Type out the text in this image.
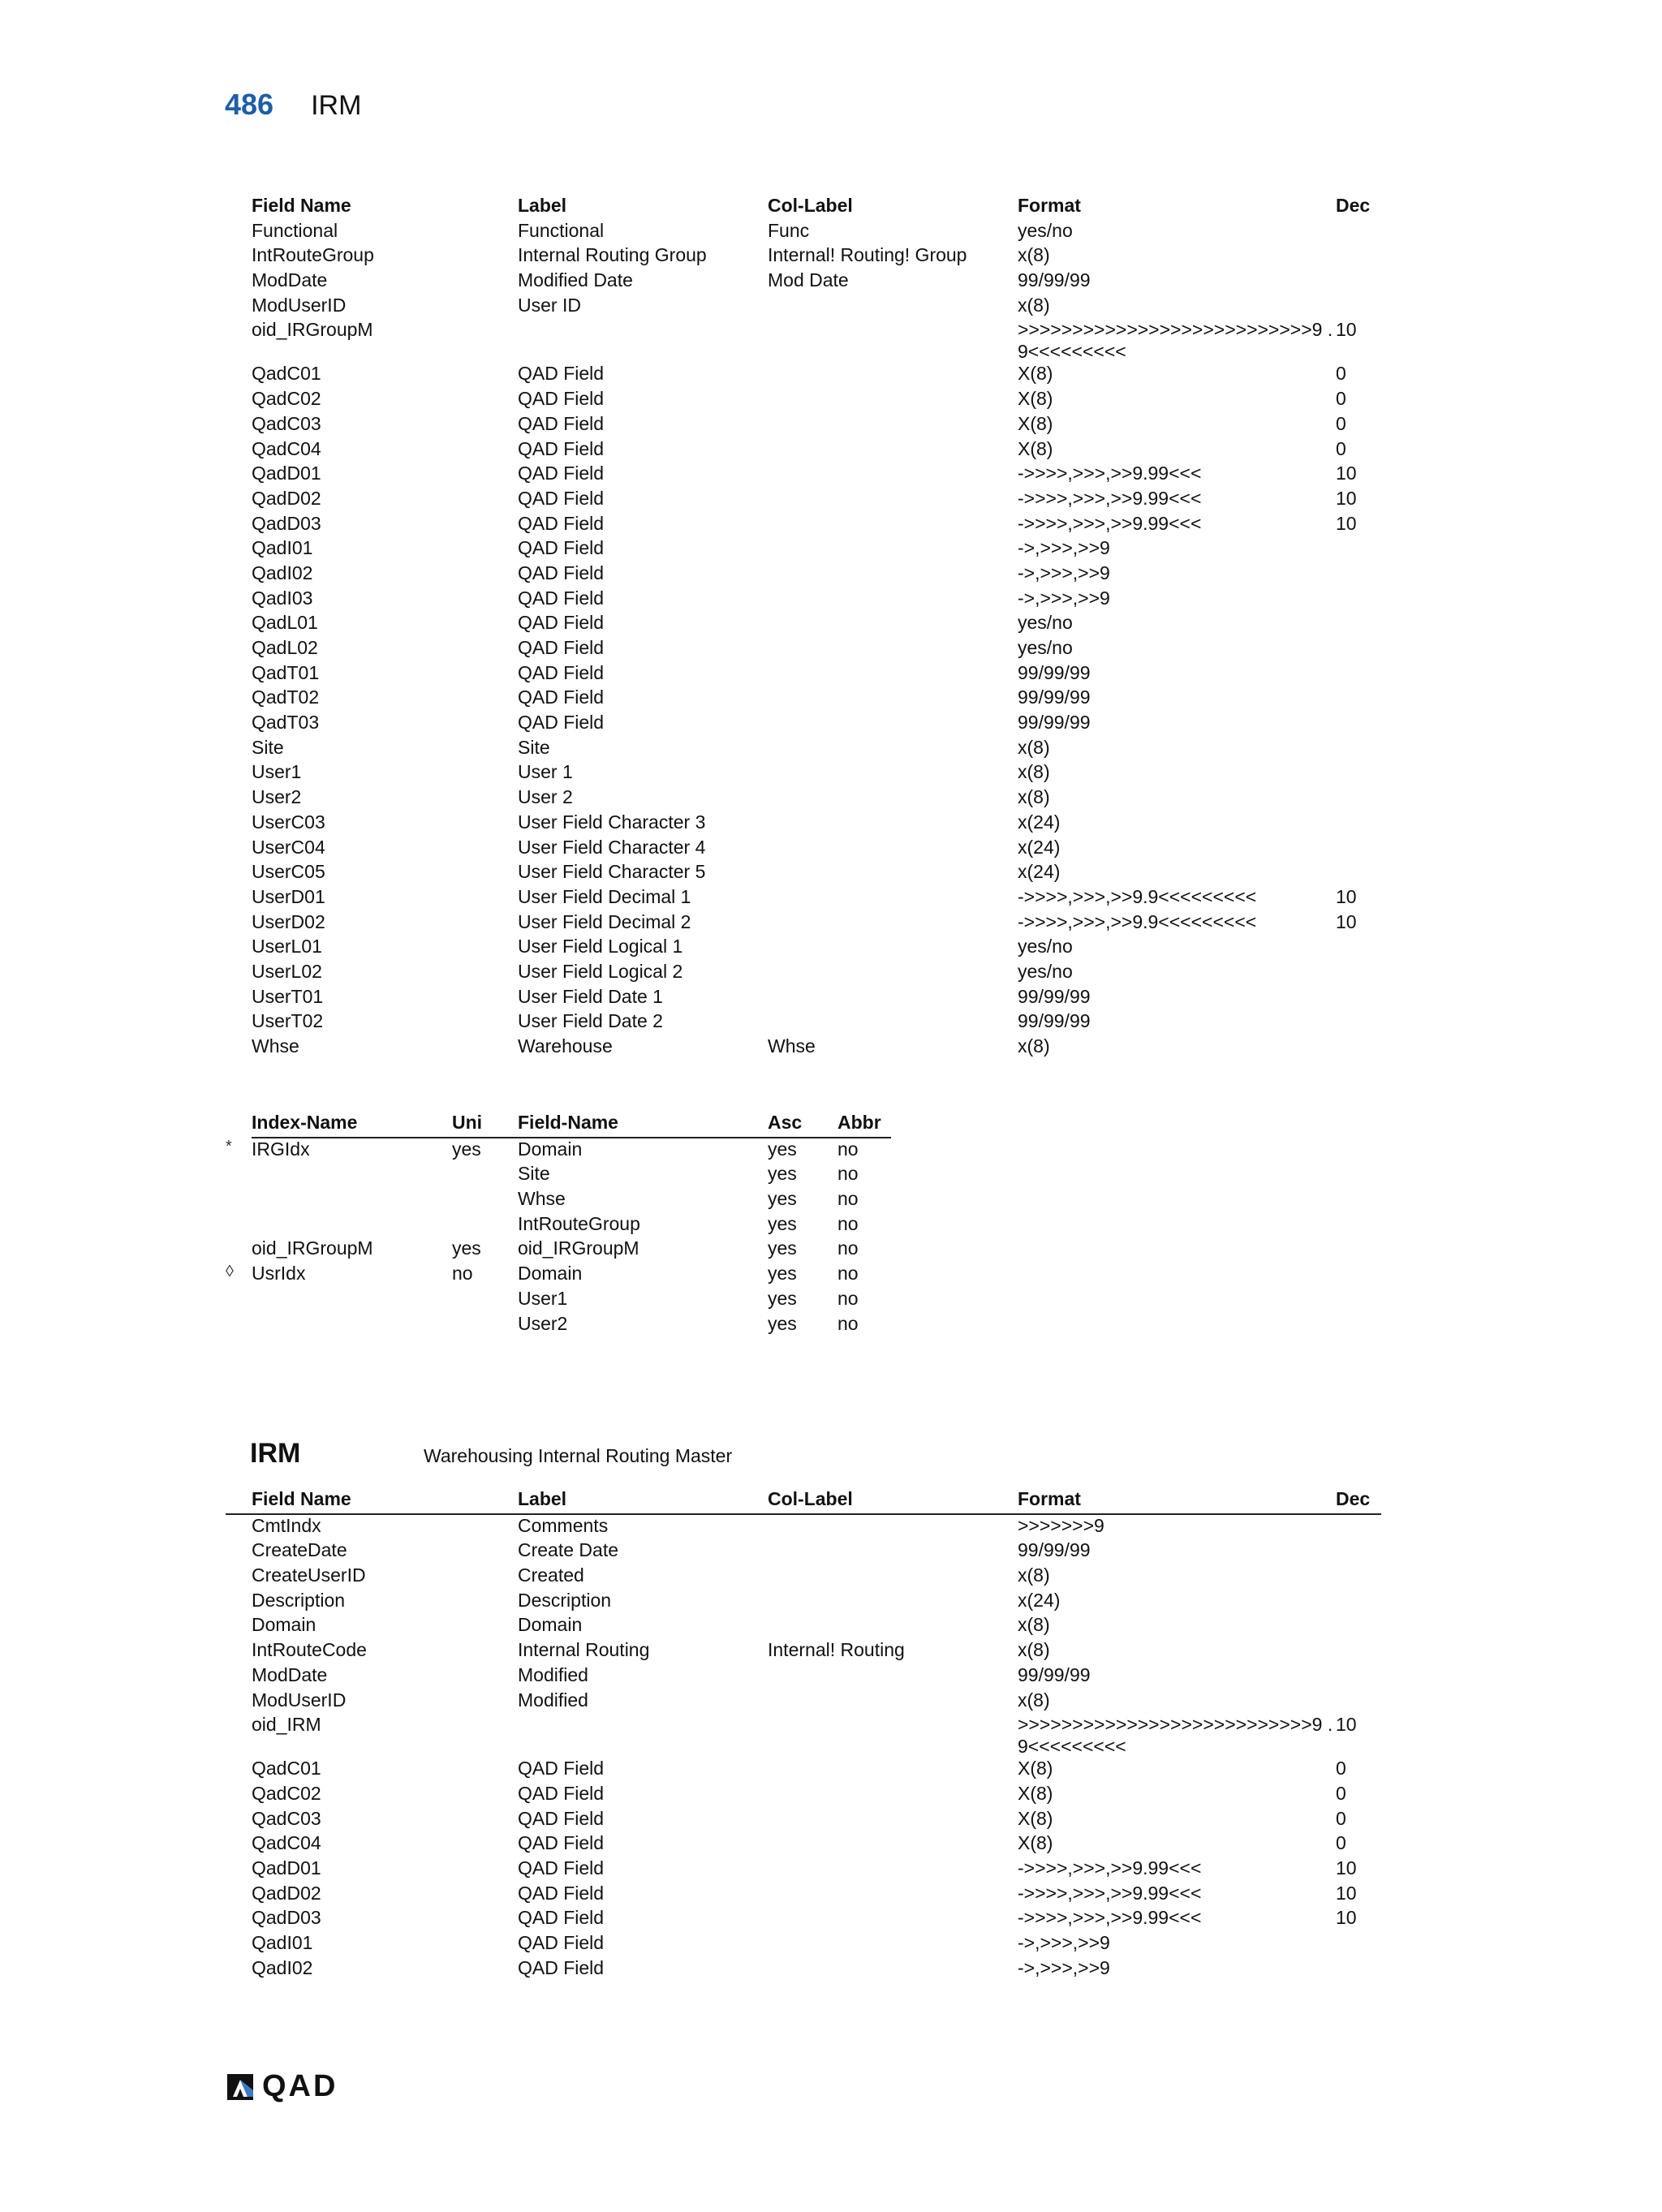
486 IRM
	Field Name	Label	Col-Label	Format	Dec
	Functional	Functional	Func	yes/no	
	IntRouteGroup	Internal Routing Group	Internal! Routing! Group	x(8)	
	ModDate	Modified Date	Mod Date	99/99/99	
	ModUserID	User ID		x(8)	
	oid_IRGroupM			>>>>>>>>>>>>>>>>>>>>>>>>>>>9 .9<<<<<<<<<	10
	QadC01	QAD Field		X(8)	0
	QadC02	QAD Field		X(8)	0
	QadC03	QAD Field		X(8)	0
	QadC04	QAD Field		X(8)	0
	QadD01	QAD Field		->>>>,>>>,>>9.99<<<	10
	QadD02	QAD Field		->>>>,>>>,>>9.99<<<	10
	QadD03	QAD Field		->>>>,>>>,>>9.99<<<	10
	QadI01	QAD Field		->,>>>,>>9	
	QadI02	QAD Field		->,>>>,>>9	
	QadI03	QAD Field		->,>>>,>>9	
	QadL01	QAD Field		yes/no	
	QadL02	QAD Field		yes/no	
	QadT01	QAD Field		99/99/99	
	QadT02	QAD Field		99/99/99	
	QadT03	QAD Field		99/99/99	
	Site	Site		x(8)	
	User1	User 1		x(8)	
	User2	User 2		x(8)	
	UserC03	User Field Character 3		x(24)	
	UserC04	User Field Character 4		x(24)	
	UserC05	User Field Character 5		x(24)	
	UserD01	User Field Decimal 1		->>>>,>>>,>>9.9<<<<<<<<<	10
	UserD02	User Field Decimal 2		->>>>,>>>,>>9.9<<<<<<<<<	10
	UserL01	User Field Logical 1		yes/no	
	UserL02	User Field Logical 2		yes/no	
	UserT01	User Field Date 1		99/99/99	
	UserT02	User Field Date 2		99/99/99	
	Whse	Warehouse	Whse	x(8)	
	Index-Name	Uni	Field-Name	Asc	Abbr
*	IRGIdx	yes	Domain	yes	no
			Site	yes	no
			Whse	yes	no
			IntRouteGroup	yes	no
	oid_IRGroupM	yes	oid_IRGroupM	yes	no
◊	UsrIdx	no	Domain	yes	no
			User1	yes	no
			User2	yes	no
IRM	Warehousing Internal Routing Master
	Field Name	Label	Col-Label	Format	Dec
	CmtIndx	Comments		>>>>>>>9	
	CreateDate	Create Date		99/99/99	
	CreateUserID	Created		x(8)	
	Description	Description		x(24)	
	Domain	Domain		x(8)	
	IntRouteCode	Internal Routing	Internal! Routing	x(8)	
	ModDate	Modified		99/99/99	
	ModUserID	Modified		x(8)	
	oid_IRM			>>>>>>>>>>>>>>>>>>>>>>>>>>>9 .9<<<<<<<<<	10
	QadC01	QAD Field		X(8)	0
	QadC02	QAD Field		X(8)	0
	QadC03	QAD Field		X(8)	0
	QadC04	QAD Field		X(8)	0
	QadD01	QAD Field		->>>>,>>>,>>9.99<<<	10
	QadD02	QAD Field		->>>>,>>>,>>9.99<<<	10
	QadD03	QAD Field		->>>>,>>>,>>9.99<<<	10
	QadI01	QAD Field		->,>>>,>>9	
	QadI02	QAD Field		->,>>>,>>9	
QAD
